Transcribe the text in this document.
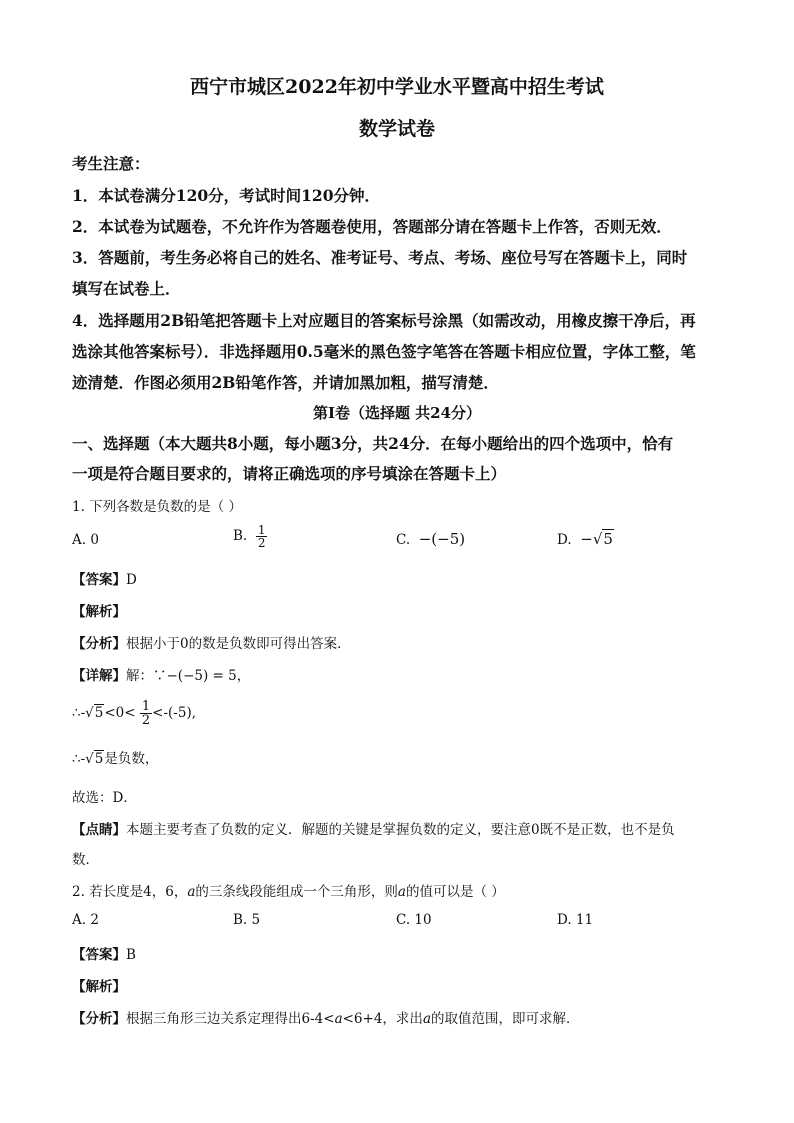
西宁市城区2022年初中学业水平暨高中招生考试
数学试卷
考生注意：
1．本试卷满分120分，考试时间120分钟．
2．本试卷为试题卷，不允许作为答题卷使用，答题部分请在答题卡上作答，否则无效．
3．答题前，考生务必将自己的姓名、准考证号、考点、考场、座位号写在答题卡上，同时
填写在试卷上．
4．选择题用2B铅笔把答题卡上对应题目的答案标号涂黑（如需改动，用橡皮擦干净后，再
选涂其他答案标号）．非选择题用0.5毫米的黑色签字笔答在答题卡相应位置，字体工整，笔
迹清楚．作图必须用2B铅笔作答，并请加黑加粗，描写清楚．
第I卷（选择题 共24分）
一、选择题（本大题共8小题，每小题3分，共24分．在每小题给出的四个选项中，恰有
一项是符合题目要求的，请将正确选项的序号填涂在答题卡上）
1. 下列各数是负数的是（ ）
A. 0	B. $\frac{1}{2}$	C. −(−5)	D. −√5
【答案】D
【解析】
【分析】根据小于0的数是负数即可得出答案．
【详解】解：∵−(−5) = 5，
∴-√5<0< $\frac{1}{2} <-(-5)$,
∴-√5是负数，
故选：D．
【点睛】本题主要考查了负数的定义．解题的关键是掌握负数的定义，要注意0既不是正数，也不是负
数．
2. 若长度是4，6，a的三条线段能组成一个三角形，则a的值可以是（ ）
A. 2	B. 5	C. 10	D. 11
【答案】B
【解析】
【分析】根据三角形三边关系定理得出6-4<a<6+4，求出a的取值范围，即可求解．
